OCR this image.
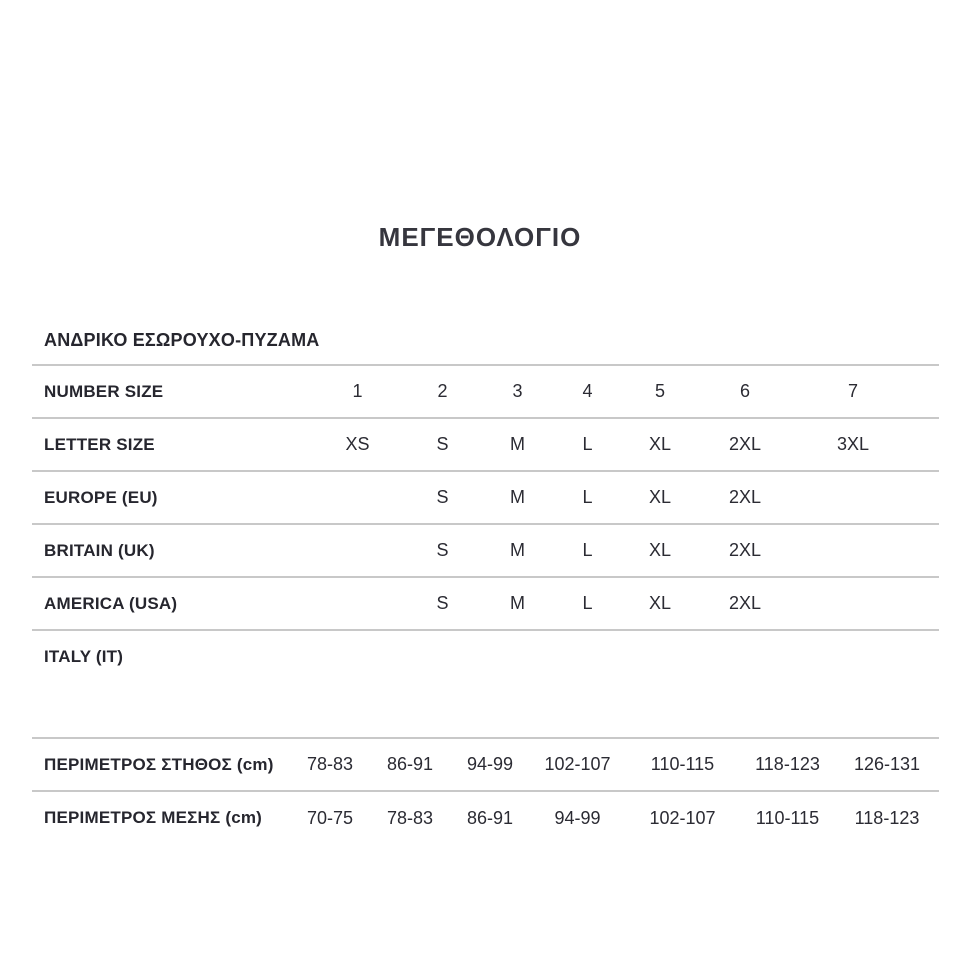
ΜΕΓΕΘΟΛΟΓΙΟ
ΑΝΔΡΙΚΟ ΕΣΩΡΟΥΧΟ-ΠΥΖΑΜΑ
NUMBER SIZE	1	2	3	4	5	6	7
LETTER SIZE	XS	S	M	L	XL	2XL	3XL
EUROPE (EU)		S	M	L	XL	2XL	
BRITAIN (UK)		S	M	L	XL	2XL	
AMERICA (USA)		S	M	L	XL	2XL	
ITALY (IT)							
ΠΕΡΙΜΕΤΡΟΣ ΣΤΗΘΟΣ (cm)	78-83	86-91	94-99	102-107	110-115	118-123	126-131
ΠΕΡΙΜΕΤΡΟΣ ΜΕΣΗΣ (cm)	70-75	78-83	86-91	94-99	102-107	110-115	118-123
